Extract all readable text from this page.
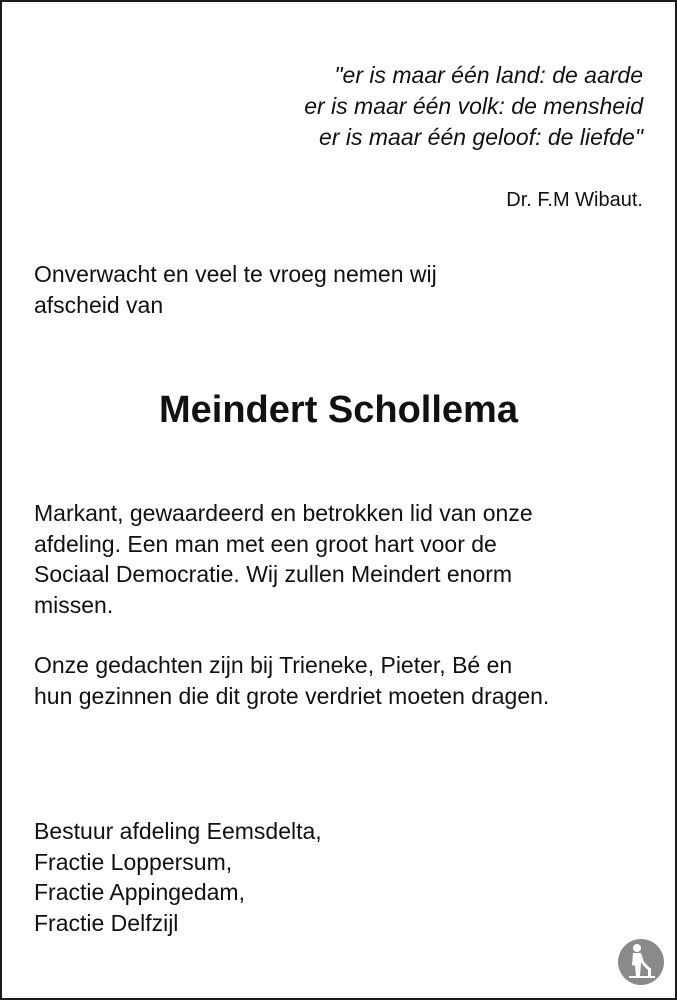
"er is maar één land: de aarde
er is maar één volk: de mensheid
er is maar één geloof: de liefde"
Dr. F.M Wibaut.
Onverwacht en veel te vroeg nemen wij
afscheid van
Meindert Schollema
Markant, gewaardeerd en betrokken lid van onze
afdeling. Een man met een groot hart voor de
Sociaal Democratie. Wij zullen Meindert enorm
missen.
Onze gedachten zijn bij Trieneke, Pieter, Bé en
hun gezinnen die dit grote verdriet moeten dragen.
Bestuur afdeling Eemsdelta,
Fractie Loppersum,
Fractie Appingedam,
Fractie Delfzijl
